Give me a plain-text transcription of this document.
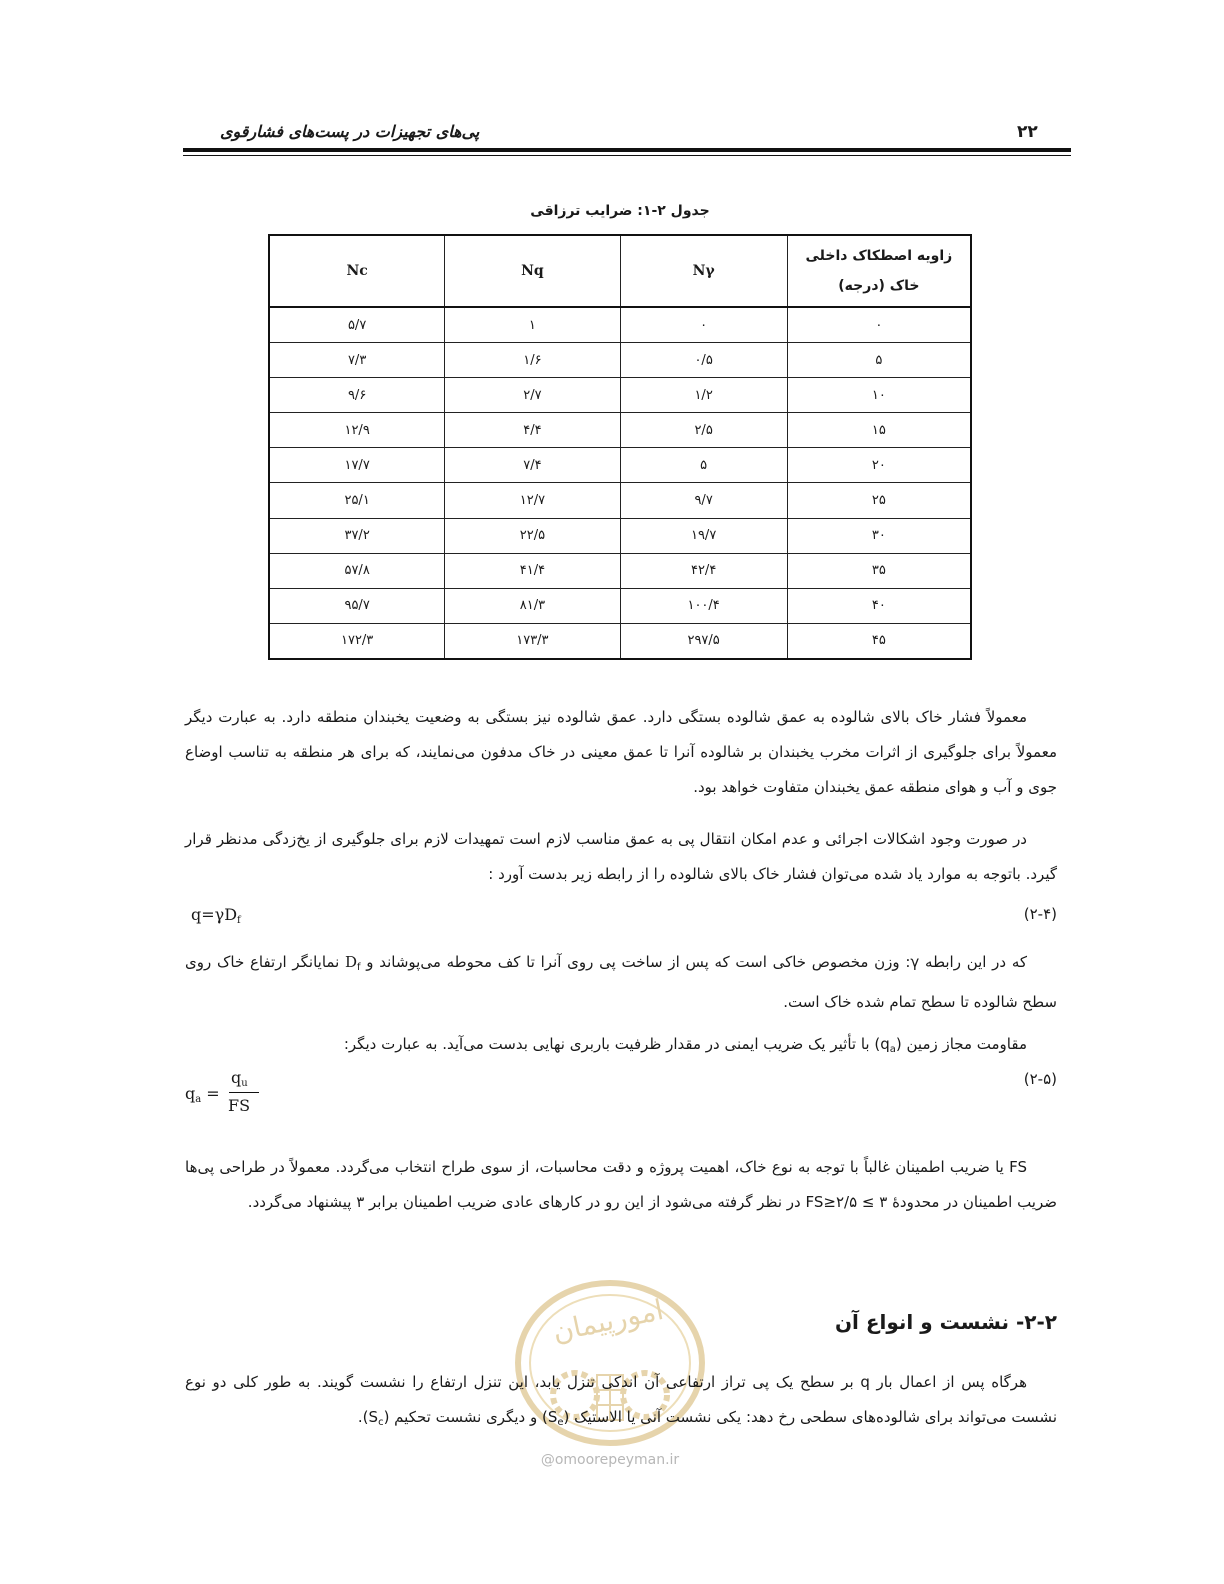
۲۲
پی‌های تجهیزات در پست‌های فشارقوی
جدول ۲-۱: ضرایب ترزاقی
زاویه اصطکاک داخلی
خاک (درجه)	Nγ	Nq	Nc
۰	۰	۱	۵/۷
۵	۰/۵	۱/۶	۷/۳
۱۰	۱/۲	۲/۷	۹/۶
۱۵	۲/۵	۴/۴	۱۲/۹
۲۰	۵	۷/۴	۱۷/۷
۲۵	۹/۷	۱۲/۷	۲۵/۱
۳۰	۱۹/۷	۲۲/۵	۳۷/۲
۳۵	۴۲/۴	۴۱/۴	۵۷/۸
۴۰	۱۰۰/۴	۸۱/۳	۹۵/۷
۴۵	۲۹۷/۵	۱۷۳/۳	۱۷۲/۳

معمولاً فشار خاک بالای شالوده به عمق شالوده بستگی دارد. عمق شالوده نیز بستگی به وضعیت یخبندان منطقه دارد. به عبارت دیگر معمولاً برای جلوگیری از اثرات مخرب یخبندان بر شالوده آنرا تا عمق معینی در خاک مدفون می‌نمایند، که برای هر منطقه به تناسب اوضاع جوی و آب و هوای منطقه عمق یخبندان متفاوت خواهد بود.

در صورت وجود اشکالات اجرائی و عدم امکان انتقال پی به عمق مناسب لازم است تمهیدات لازم برای جلوگیری از یخ‌زدگی مدنظر قرار گیرد. باتوجه به موارد یاد شده می‌توان فشار خاک بالای شالوده را از رابطه زیر بدست آورد :

(۲-۴)
$q=\gamma D_f$

که در این رابطه γ: وزن مخصوص خاکی است که پس از ساخت پی روی آنرا تا کف محوطه می‌پوشاند و $D_f$ نمایانگر ارتفاع خاک روی سطح شالوده تا سطح تمام شده خاک است.

مقاومت مجاز زمین $(q_a)$ با تأثیر یک ضریب ایمنی در مقدار ظرفیت باربری نهایی بدست می‌آید. به عبارت دیگر:

(۲-۵)
$q_a$ =
$q_u$
FS

FS یا ضریب اطمینان غالباً با توجه به نوع خاک، اهمیت پروژه و دقت محاسبات، از سوی طراح انتخاب می‌گردد. معمولاً در طراحی پی‌ها ضریب اطمینان در محدودهٔ ۳ ≥ FS≥۲/۵ در نظر گرفته می‌شود از این رو در کارهای عادی ضریب اطمینان برابر ۳ پیشنهاد می‌گردد.

امورپیمان	۲-۲- نشست و انواع آن

هرگاه پس از اعمال بار q بر سطح یک پی تراز ارتفاعی آن اندکی تنزل یابد، این تنزل ارتفاع را نشست گویند. به طور کلی دو نوع نشست می‌تواند برای شالوده‌های سطحی رخ دهد: یکی نشست آنی یا الاستیک $(S_e)$ و دیگری نشست تحکیم $(S_c)$.

@omoorepeyman.ir
